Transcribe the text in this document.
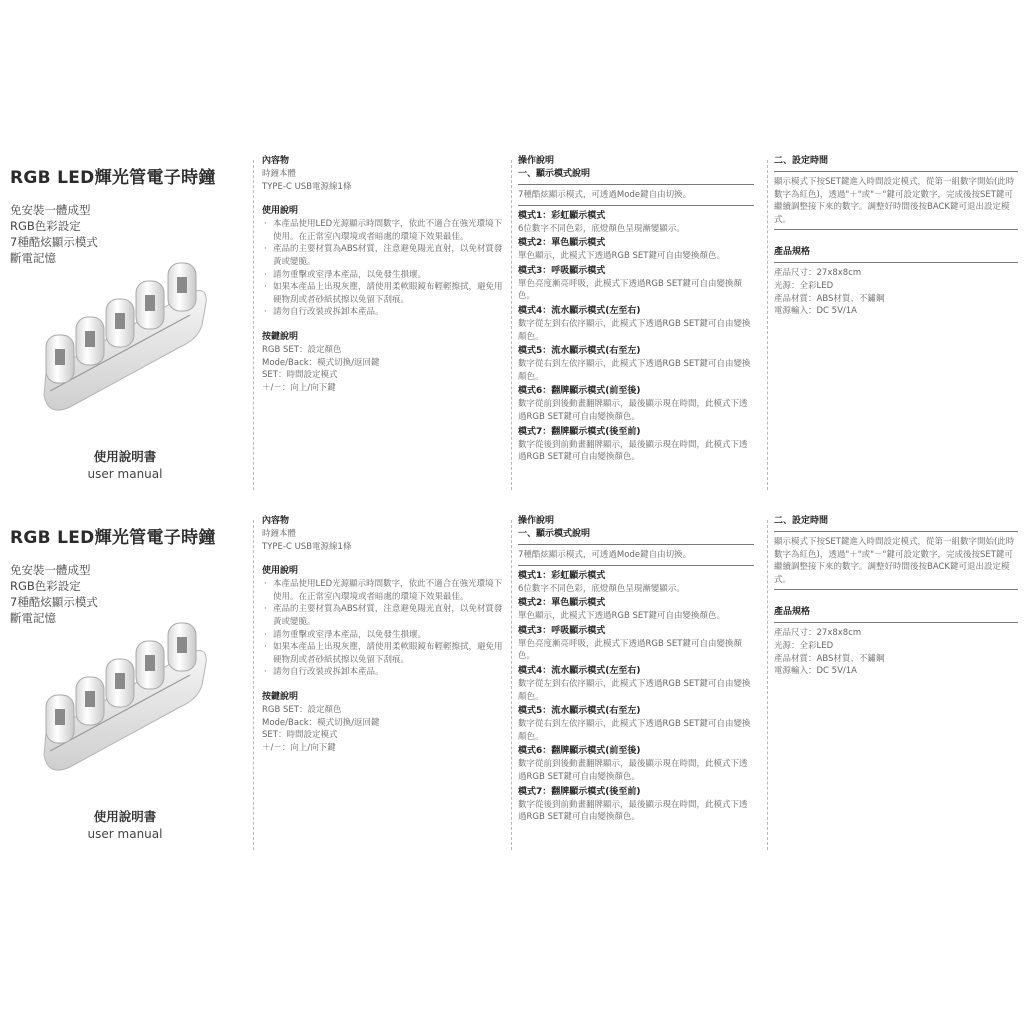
RGB LED輝光管電子時鐘
免安裝一體成型
RGB色彩設定
7種酷炫顯示模式
斷電記憶
使用說明書
user manual
內容物
時鐘本體
TYPE-C USB電源線1條
使用說明
· 本產品使用LED光源顯示時間數字，依此不適合在強光環境下使用。在正常室內環境或者暗處的環境下效果最佳。
· 產品的主要材質為ABS材質，注意避免陽光直射，以免材質發黃或變脆。
· 請勿重擊或室淨本產品，以免發生損壞。
· 如果本產品上出現灰塵，請使用柔軟眼鏡布輕輕擦拭，避免用硬物刮或者砂紙拭擦以免留下刮痕。
· 請勿自行改裝或拆卸本產品。
按鍵說明
RGB SET：設定顏色
Mode/Back：模式切換/返回鍵
SET：時間設定模式
＋/－：向上/向下鍵
操作說明
一、顯示模式說明
7種酷炫顯示模式，可透過Mode鍵自由切換。
模式1：彩虹顯示模式
6位數字不同色彩，底燈顏色呈現漸變顯示。
模式2：單色顯示模式
單色顯示，此模式下透過RGB SET鍵可自由變換顏色。
模式3：呼吸顯示模式
單色亮度漸亮呼吸，此模式下透過RGB SET鍵可自由變換顏色。
模式4：流水顯示模式(左至右)
數字從左到右依序顯示，此模式下透過RGB SET鍵可自由變換顏色。
模式5：流水顯示模式(右至左)
數字從右到左依序顯示，此模式下透過RGB SET鍵可自由變換顏色。
模式6：翻牌顯示模式(前至後)
數字從前到後動畫翻牌顯示，最後顯示現在時間，此模式下透過RGB SET鍵可自由變換顏色。
模式7：翻牌顯示模式(後至前)
數字從後到前動畫翻牌顯示，最後顯示現在時間，此模式下透過RGB SET鍵可自由變換顏色。
二、設定時間
顯示模式下按SET鍵進入時間設定模式，從第一組數字開始(此時數字為紅色)，透過"＋"或"－"鍵可設定數字，完成後按SET鍵可繼續調整接下來的數字。調整好時間後按BACK鍵可退出設定模式。
產品規格
產品尺寸：27x8x8cm
光源：全彩LED
產品材質：ABS材質、不鏽鋼
電源輸入：DC 5V/1A
RGB LED輝光管電子時鐘
免安裝一體成型
RGB色彩設定
7種酷炫顯示模式
斷電記憶
使用說明書
user manual
內容物
時鐘本體
TYPE-C USB電源線1條
使用說明
· 本產品使用LED光源顯示時間數字，依此不適合在強光環境下使用。在正常室內環境或者暗處的環境下效果最佳。
· 產品的主要材質為ABS材質，注意避免陽光直射，以免材質發黃或變脆。
· 請勿重擊或室淨本產品，以免發生損壞。
· 如果本產品上出現灰塵，請使用柔軟眼鏡布輕輕擦拭，避免用硬物刮或者砂紙拭擦以免留下刮痕。
· 請勿自行改裝或拆卸本產品。
按鍵說明
RGB SET：設定顏色
Mode/Back：模式切換/返回鍵
SET：時間設定模式
＋/－：向上/向下鍵
操作說明
一、顯示模式說明
7種酷炫顯示模式，可透過Mode鍵自由切換。
模式1：彩虹顯示模式
6位數字不同色彩，底燈顏色呈現漸變顯示。
模式2：單色顯示模式
單色顯示，此模式下透過RGB SET鍵可自由變換顏色。
模式3：呼吸顯示模式
單色亮度漸亮呼吸，此模式下透過RGB SET鍵可自由變換顏色。
模式4：流水顯示模式(左至右)
數字從左到右依序顯示，此模式下透過RGB SET鍵可自由變換顏色。
模式5：流水顯示模式(右至左)
數字從右到左依序顯示，此模式下透過RGB SET鍵可自由變換顏色。
模式6：翻牌顯示模式(前至後)
數字從前到後動畫翻牌顯示，最後顯示現在時間，此模式下透過RGB SET鍵可自由變換顏色。
模式7：翻牌顯示模式(後至前)
數字從後到前動畫翻牌顯示，最後顯示現在時間，此模式下透過RGB SET鍵可自由變換顏色。
二、設定時間
顯示模式下按SET鍵進入時間設定模式，從第一組數字開始(此時數字為紅色)，透過"＋"或"－"鍵可設定數字，完成後按SET鍵可繼續調整接下來的數字。調整好時間後按BACK鍵可退出設定模式。
產品規格
產品尺寸：27x8x8cm
光源：全彩LED
產品材質：ABS材質、不鏽鋼
電源輸入：DC 5V/1A
